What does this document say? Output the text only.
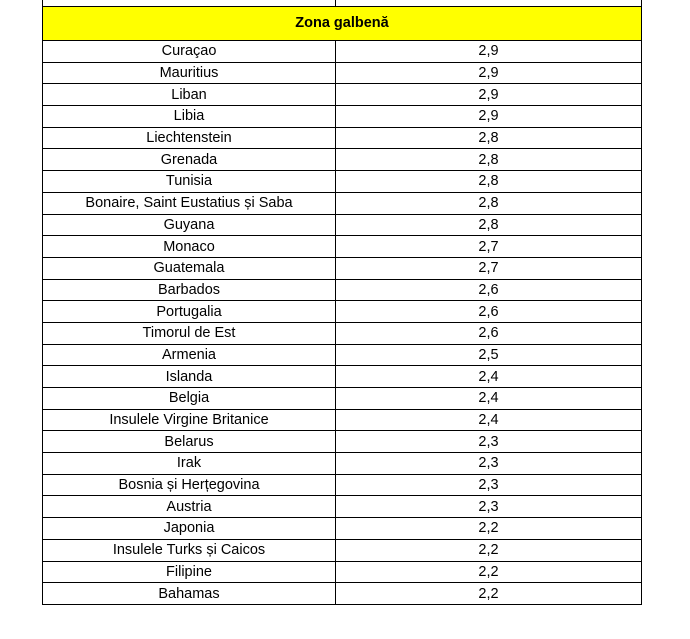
Zona galbenă	
Curaçao	2,9
Mauritius	2,9
Liban	2,9
Libia	2,9
Liechtenstein	2,8
Grenada	2,8
Tunisia	2,8
Bonaire, Saint Eustatius și Saba	2,8
Guyana	2,8
Monaco	2,7
Guatemala	2,7
Barbados	2,6
Portugalia	2,6
Timorul de Est	2,6
Armenia	2,5
Islanda	2,4
Belgia	2,4
Insulele Virgine Britanice	2,4
Belarus	2,3
Irak	2,3
Bosnia și Herțegovina	2,3
Austria	2,3
Japonia	2,2
Insulele Turks și Caicos	2,2
Filipine	2,2
Bahamas	2,2
